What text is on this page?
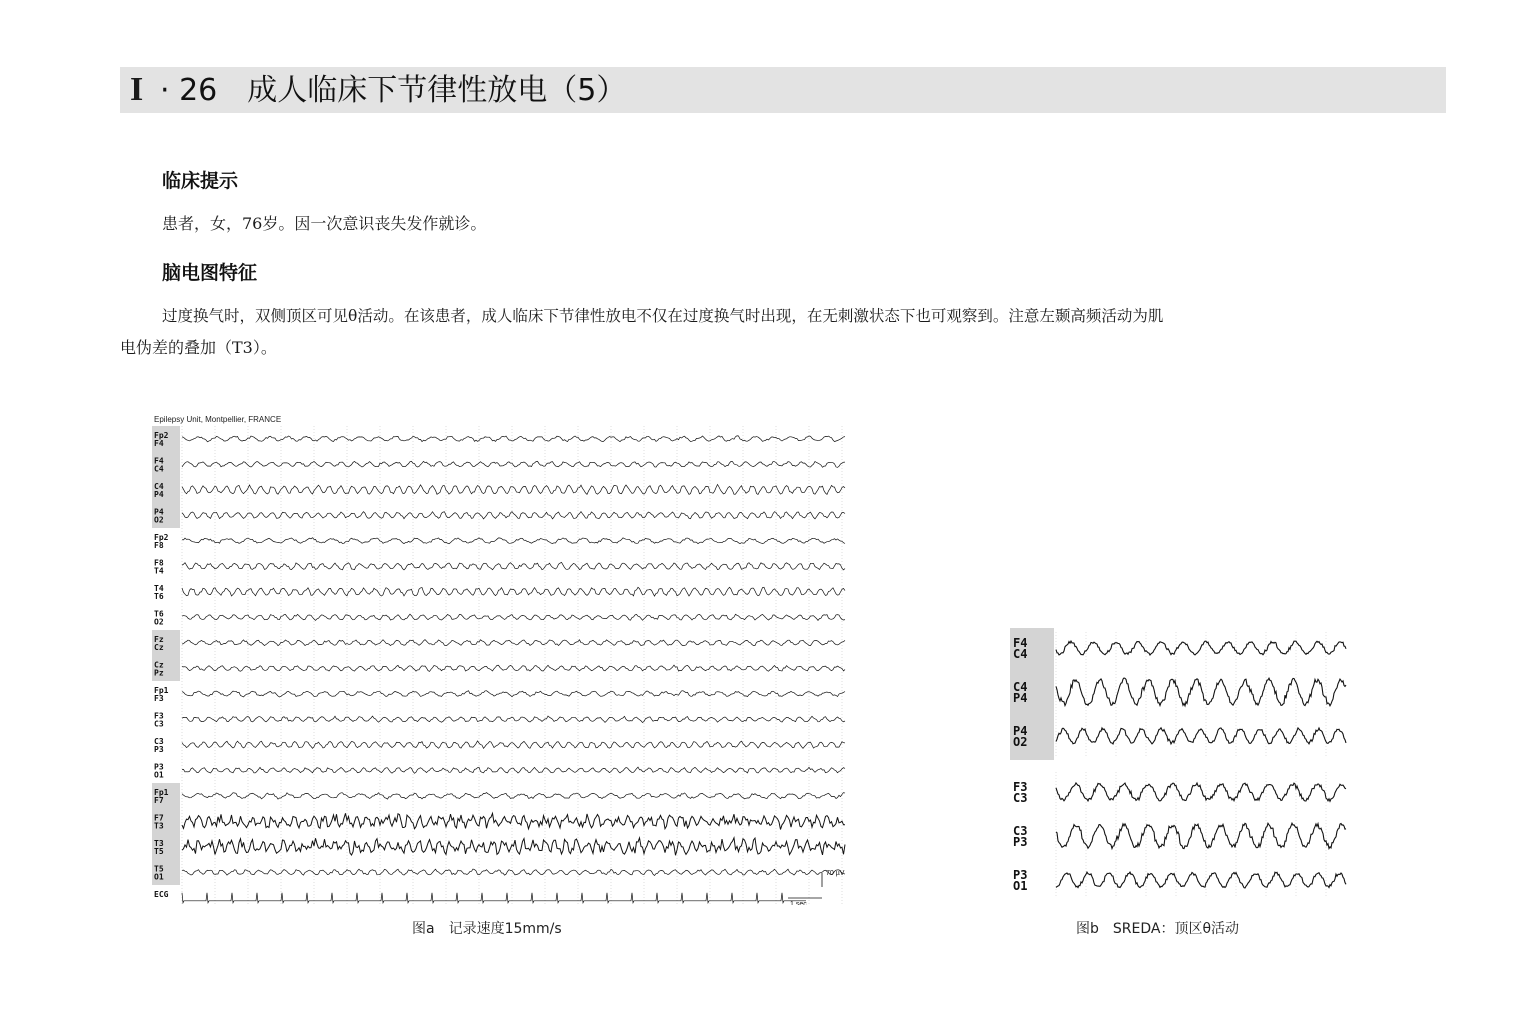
I · 26　成人临床下节律性放电（5）
临床提示
患者，女，76岁。因一次意识丧失发作就诊。
脑电图特征
过度换气时，双侧顶区可见θ活动。在该患者，成人临床下节律性放电不仅在过度换气时出现，在无刺激状态下也可观察到。注意左颞高频活动为肌
电伪差的叠加（T3）。
Epilepsy Unit, Montpellier, FRANCE
Fp2
F4
F4
C4
C4
P4
P4
O2
Fp2
F8
F8
T4
T4
T6
T6
O2
Fz
Cz
Cz
Pz
Fp1
F3
F3
C3
C3
P3
P3
O1
Fp1
F7
F7
T3
T3
T5
T5
O1
ECG
70 µV
1 sec
图a　记录速度15mm/s
F4
C4
C4
P4
P4
O2
F3
C3
C3
P3
P3
O1
图b　SREDA：顶区θ活动
